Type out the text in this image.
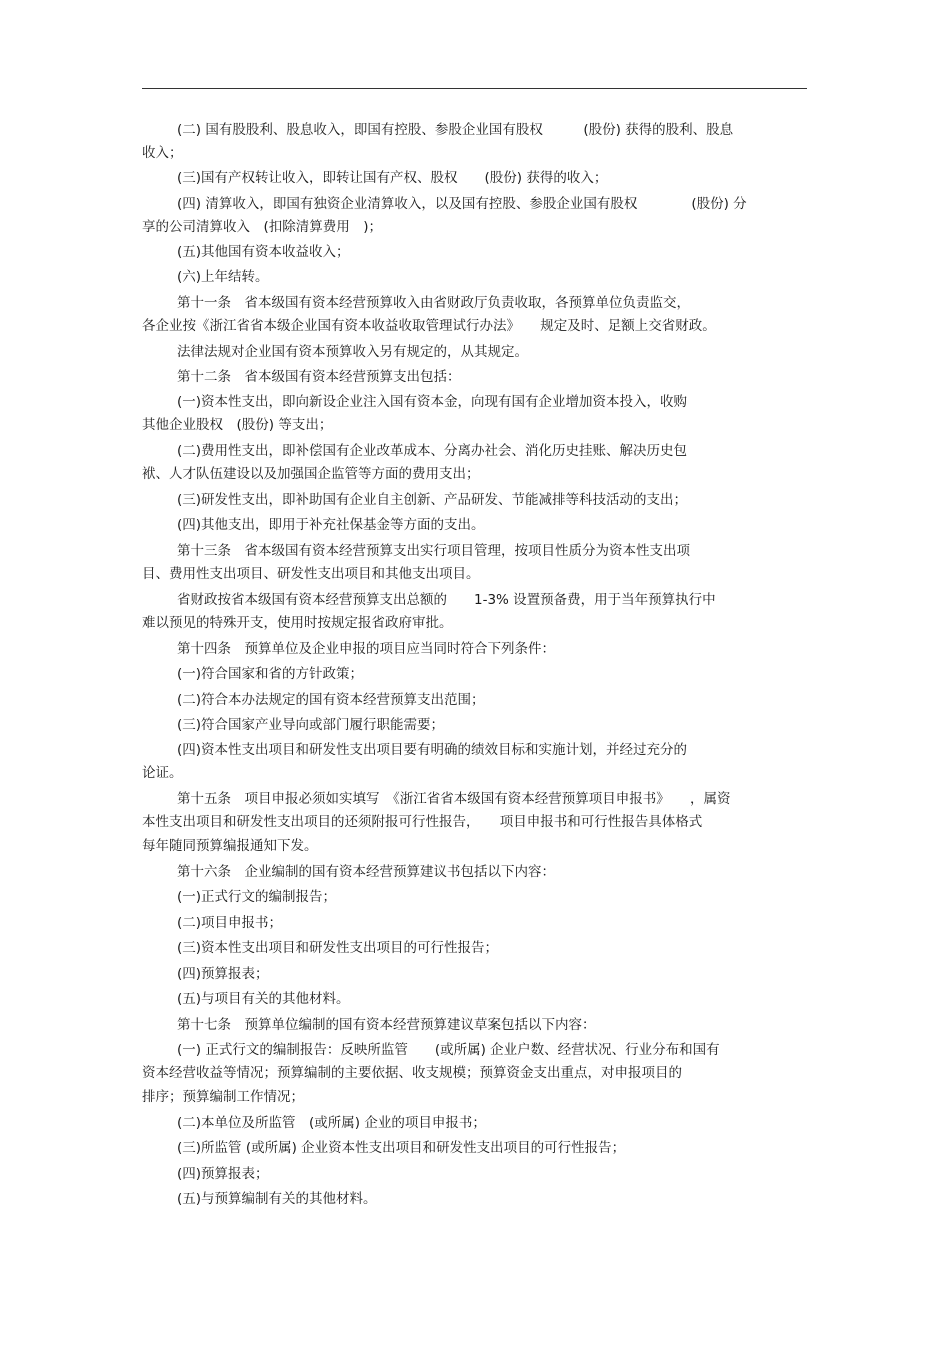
(二) 国有股股利、股息收入，即国有控股、参股企业国有股权　　　(股份) 获得的股利、股息
收入；
(三)国有产权转让收入，即转让国有产权、股权　　(股份) 获得的收入；
(四) 清算收入，即国有独资企业清算收入，以及国有控股、参股企业国有股权　　　　(股份) 分
享的公司清算收入　(扣除清算费用　)；
(五)其他国有资本收益收入；
(六)上年结转。
第十一条　省本级国有资本经营预算收入由省财政厅负责收取，各预算单位负责监交，
各企业按《浙江省省本级企业国有资本收益收取管理试行办法》　　规定及时、足额上交省财政。
法律法规对企业国有资本预算收入另有规定的，从其规定。
第十二条　省本级国有资本经营预算支出包括：
(一)资本性支出，即向新设企业注入国有资本金，向现有国有企业增加资本投入，收购
其他企业股权　(股份) 等支出；
(二)费用性支出，即补偿国有企业改革成本、分离办社会、消化历史挂账、解决历史包
袱、人才队伍建设以及加强国企监管等方面的费用支出；
(三)研发性支出，即补助国有企业自主创新、产品研发、节能减排等科技活动的支出；
(四)其他支出，即用于补充社保基金等方面的支出。
第十三条　省本级国有资本经营预算支出实行项目管理，按项目性质分为资本性支出项
目、费用性支出项目、研发性支出项目和其他支出项目。
省财政按省本级国有资本经营预算支出总额的　　1-3% 设置预备费，用于当年预算执行中
难以预见的特殊开支，使用时按规定报省政府审批。
第十四条　预算单位及企业申报的项目应当同时符合下列条件：
(一)符合国家和省的方针政策；
(二)符合本办法规定的国有资本经营预算支出范围；
(三)符合国家产业导向或部门履行职能需要；
(四)资本性支出项目和研发性支出项目要有明确的绩效目标和实施计划，并经过充分的
论证。
第十五条　项目申报必须如实填写　《浙江省省本级国有资本经营预算项目申报书》　　，属资
本性支出项目和研发性支出项目的还须附报可行性报告，　　项目申报书和可行性报告具体格式
每年随同预算编报通知下发。
第十六条　企业编制的国有资本经营预算建议书包括以下内容：
(一)正式行文的编制报告；
(二)项目申报书；
(三)资本性支出项目和研发性支出项目的可行性报告；
(四)预算报表；
(五)与项目有关的其他材料。
第十七条　预算单位编制的国有资本经营预算建议草案包括以下内容：
(一) 正式行文的编制报告：反映所监管　　(或所属) 企业户数、经营状况、行业分布和国有
资本经营收益等情况；预算编制的主要依据、收支规模；预算资金支出重点，对申报项目的
排序；预算编制工作情况；
(二)本单位及所监管　(或所属) 企业的项目申报书；
(三)所监管 (或所属) 企业资本性支出项目和研发性支出项目的可行性报告；
(四)预算报表；
(五)与预算编制有关的其他材料。
